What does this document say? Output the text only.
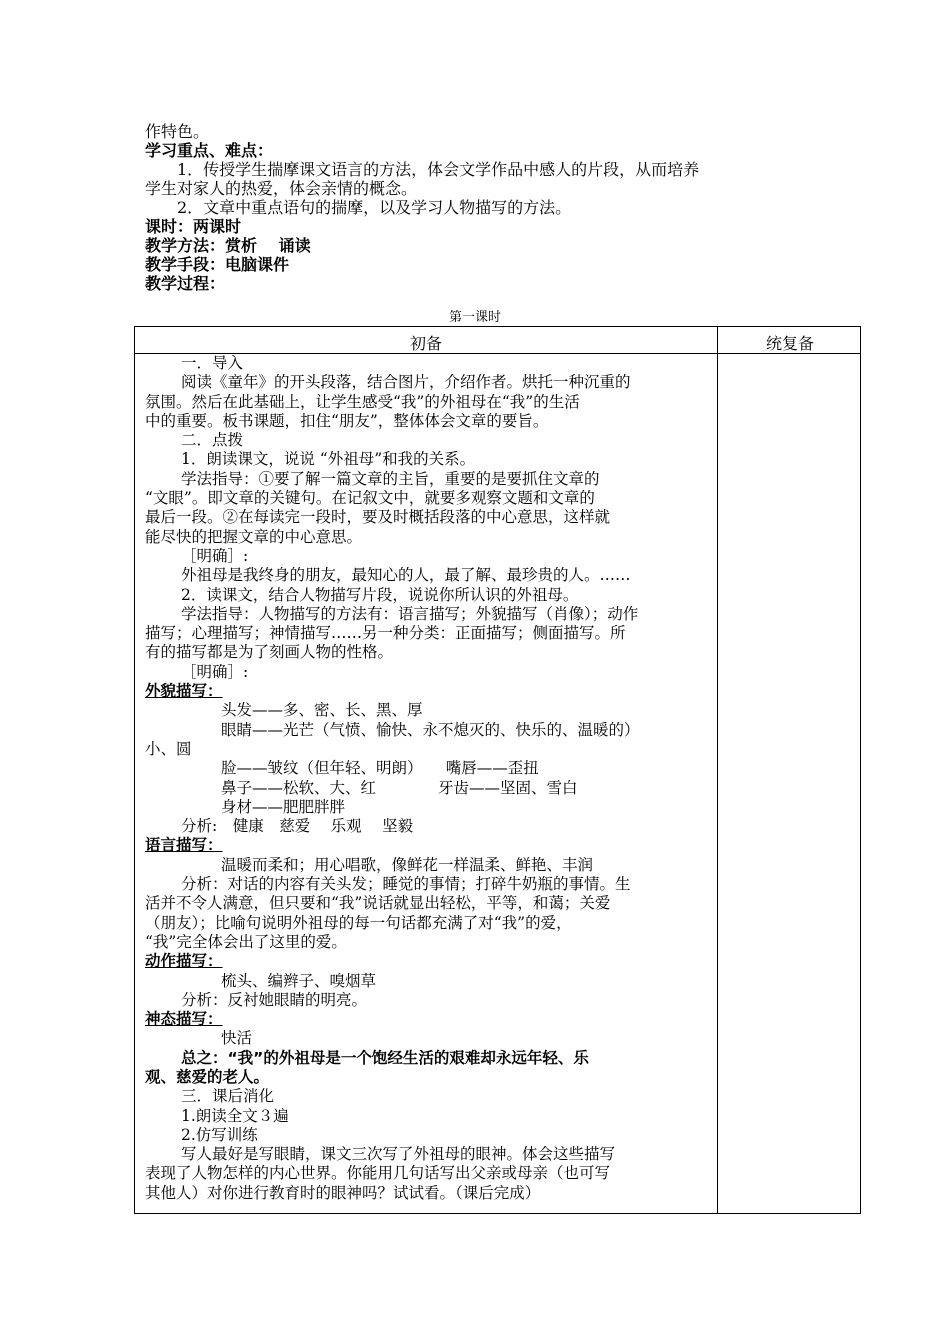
作特色。
学习重点、难点：
1．传授学生揣摩课文语言的方法，体会文学作品中感人的片段，从而培养
学生对家人的热爱，体会亲情的概念。
2．文章中重点语句的揣摩，以及学习人物描写的方法。
课时：两课时
教学方法：赏析　 诵读
教学手段：电脑课件
教学过程：
第一课时
初备	统复备
一．导入
阅读《童年》的开头段落，结合图片，介绍作者。烘托一种沉重的
氛围。然后在此基础上，让学生感受“我”的外祖母在“我”的生活
中的重要。板书课题，扣住“朋友”，整体体会文章的要旨。
二．点拨
1．朗读课文，说说 “外祖母”和我的关系。
学法指导：①要了解一篇文章的主旨，重要的是要抓住文章的
“文眼”。即文章的关键句。在记叙文中，就要多观察文题和文章的
最后一段。②在每读完一段时，要及时概括段落的中心意思，这样就
能尽快的把握文章的中心意思。
［明确］:
外祖母是我终身的朋友，最知心的人，最了解、最珍贵的人。……
2．读课文，结合人物描写片段，说说你所认识的外祖母。
学法指导：人物描写的方法有：语言描写；外貌描写（肖像）；动作
描写；心理描写；神情描写……另一种分类：正面描写；侧面描写。所
有的描写都是为了刻画人物的性格。
［明确］:
外貌描写：
头发——多、密、长、黑、厚
眼睛——光芒（气愤、愉快、永不熄灭的、快乐的、温暖的）
小、圆
脸——皱纹（但年轻、明朗）　　嘴唇——歪扭
鼻子——松软、大、红　　　　牙齿——坚固、雪白
身材——肥肥胖胖
分析:　健康　慈爱　 乐观　 坚毅
语言描写：
温暖而柔和；用心唱歌，像鲜花一样温柔、鲜艳、丰润
分析：对话的内容有关头发；睡觉的事情；打碎牛奶瓶的事情。生
活并不令人满意，但只要和“我”说话就显出轻松，平等，和蔼；关爱
（朋友）；比喻句说明外祖母的每一句话都充满了对“我”的爱，
“我”完全体会出了这里的爱。
动作描写：
梳头、编辫子、嗅烟草
分析：反衬她眼睛的明亮。
神态描写：
快活
总之：“我”的外祖母是一个饱经生活的艰难却永远年轻、乐
观、慈爱的老人。
三．课后消化
1.朗读全文３遍
2.仿写训练
写人最好是写眼睛，课文三次写了外祖母的眼神。体会这些描写
表现了人物怎样的内心世界。你能用几句话写出父亲或母亲（也可写
其他人）对你进行教育时的眼神吗？试试看。（课后完成）
